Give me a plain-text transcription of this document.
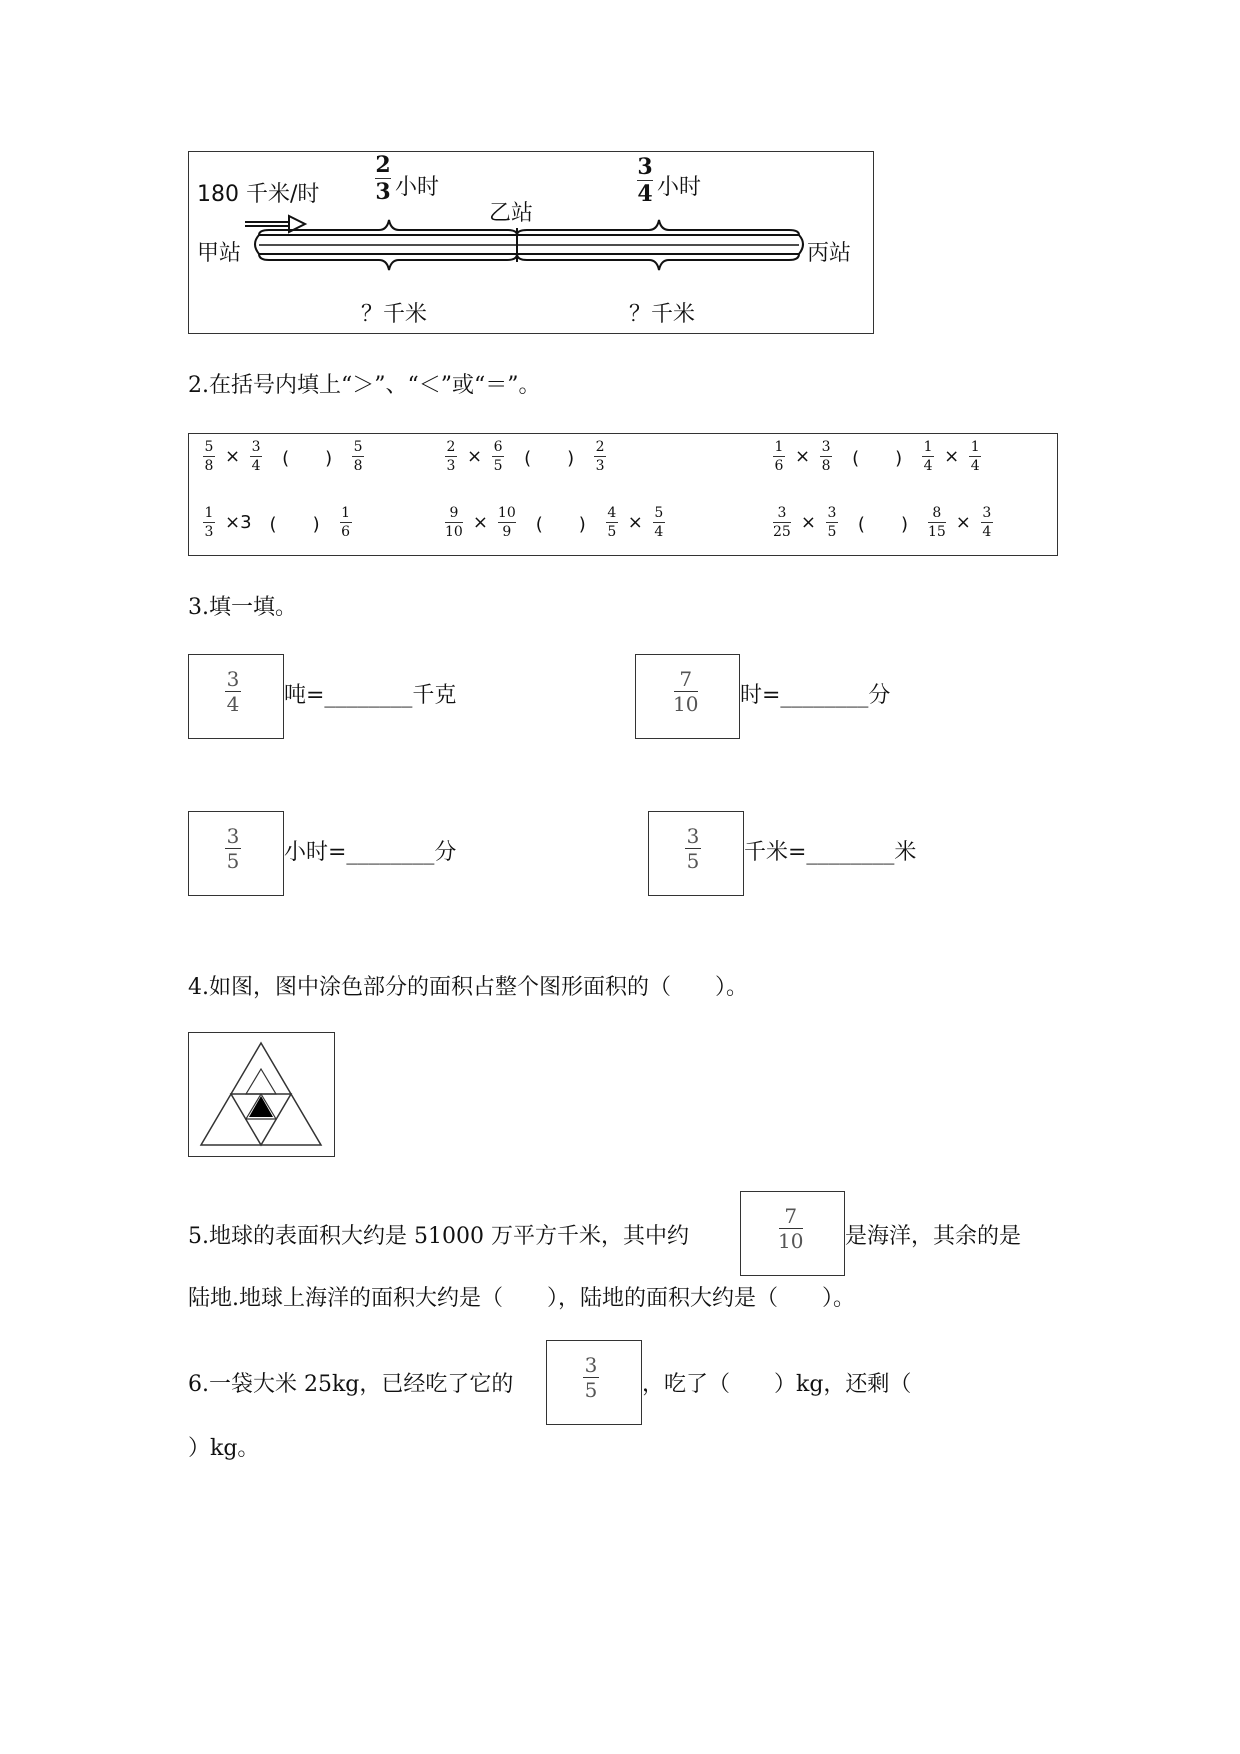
180 千米/时
2
3 小时
3
4 小时
甲站
乙站
丙站
？千米	？千米
2.在括号内填上“＞”、“＜”或“＝”。
$\frac{5}{8} \times \frac{3}{4}$ (　　) $\frac{5}{8}$	$\frac{2}{3} \times \frac{6}{5}$ (　　) $\frac{2}{3}$	$\frac{1}{6} \times \frac{3}{8}$ (　　) $\frac{1}{4} \times \frac{1}{4}$
$\frac{1}{3} \times 3$ (　　) $\frac{1}{6}$	$\frac{9}{10} \times \frac{10}{9}$ (　　) $\frac{4}{5} \times \frac{5}{4}$	$\frac{3}{25} \times \frac{3}{5}$ (　　) $\frac{8}{15} \times \frac{3}{4}$
3.填一填。
3
4 吨=________千克
7
10 时=________分
3
5 小时=________分
3
5 千米=________米
4.如图，图中涂色部分的面积占整个图形面积的（　　）。
5.地球的表面积大约是 51000 万平方千米，其中约
7
10 是海洋，其余的是
陆地.地球上海洋的面积大约是（　　），陆地的面积大约是（　　）。
6.一袋大米 25kg，已经吃了它的
3
5 ，吃了（　　）kg，还剩（
）kg。
